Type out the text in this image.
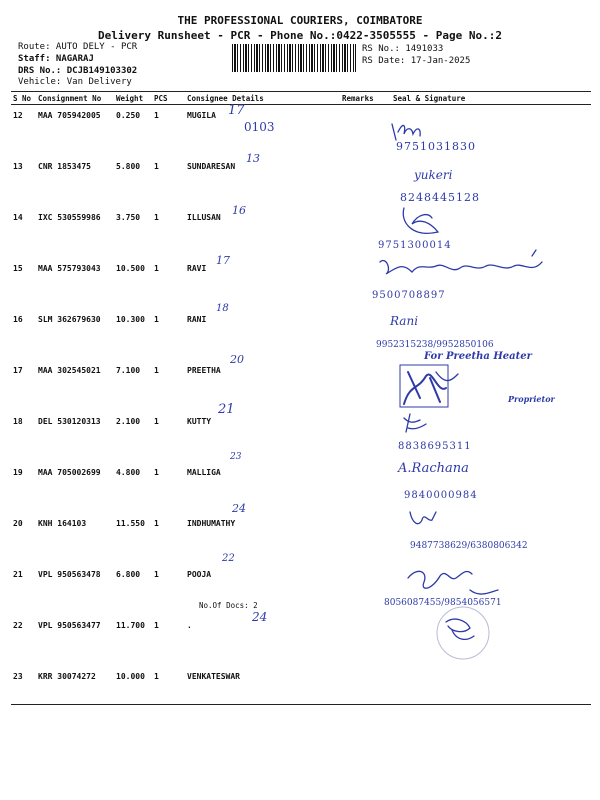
THE PROFESSIONAL COURIERS, COIMBATORE
Delivery Runsheet - PCR - Phone No.:0422-3505555 - Page No.:2
Route: AUTO DELY - PCR
Staff: NAGARAJ
DRS No.: DCJB149103302
Vehicle: Van Delivery
RS No.: 1491033
RS Date: 17-Jan-2025
S No	Consignment No	Weight	PCS	Consignee Details	Remarks	Seal & Signature
12	MAA 705942005	0.250	1	MUGILA		
13	CNR 1853475	5.800	1	SUNDARESAN		
14	IXC 530559986	3.750	1	ILLUSAN		
15	MAA 575793043	10.500	1	RAVI		
16	SLM 362679630	10.300	1	RANI		
17	MAA 302545021	7.100	1	PREETHA		
18	DEL 530120313	2.100	1	KUTTY		
19	MAA 705002699	4.800	1	MALLIGA		
20	KNH 164103	11.550	1	INDHUMATHY		
21	VPL 950563478	6.800	1	POOJA		
22	VPL 950563477	11.700	1	.		
23	KRR 30074272	10.000	1	VENKATESWAR		
No.Of Docs: 2
17
0103
13
16
17
18
20
21
23
24
22
24
9751031830
yukeri
8248445128
9751300014
9500708897
Rani
9952315238/9952850106
For Preetha Heater
Proprietor
8838695311
A.Rachana
9840000984
9487738629/6380806342
8056087455/9854056571
